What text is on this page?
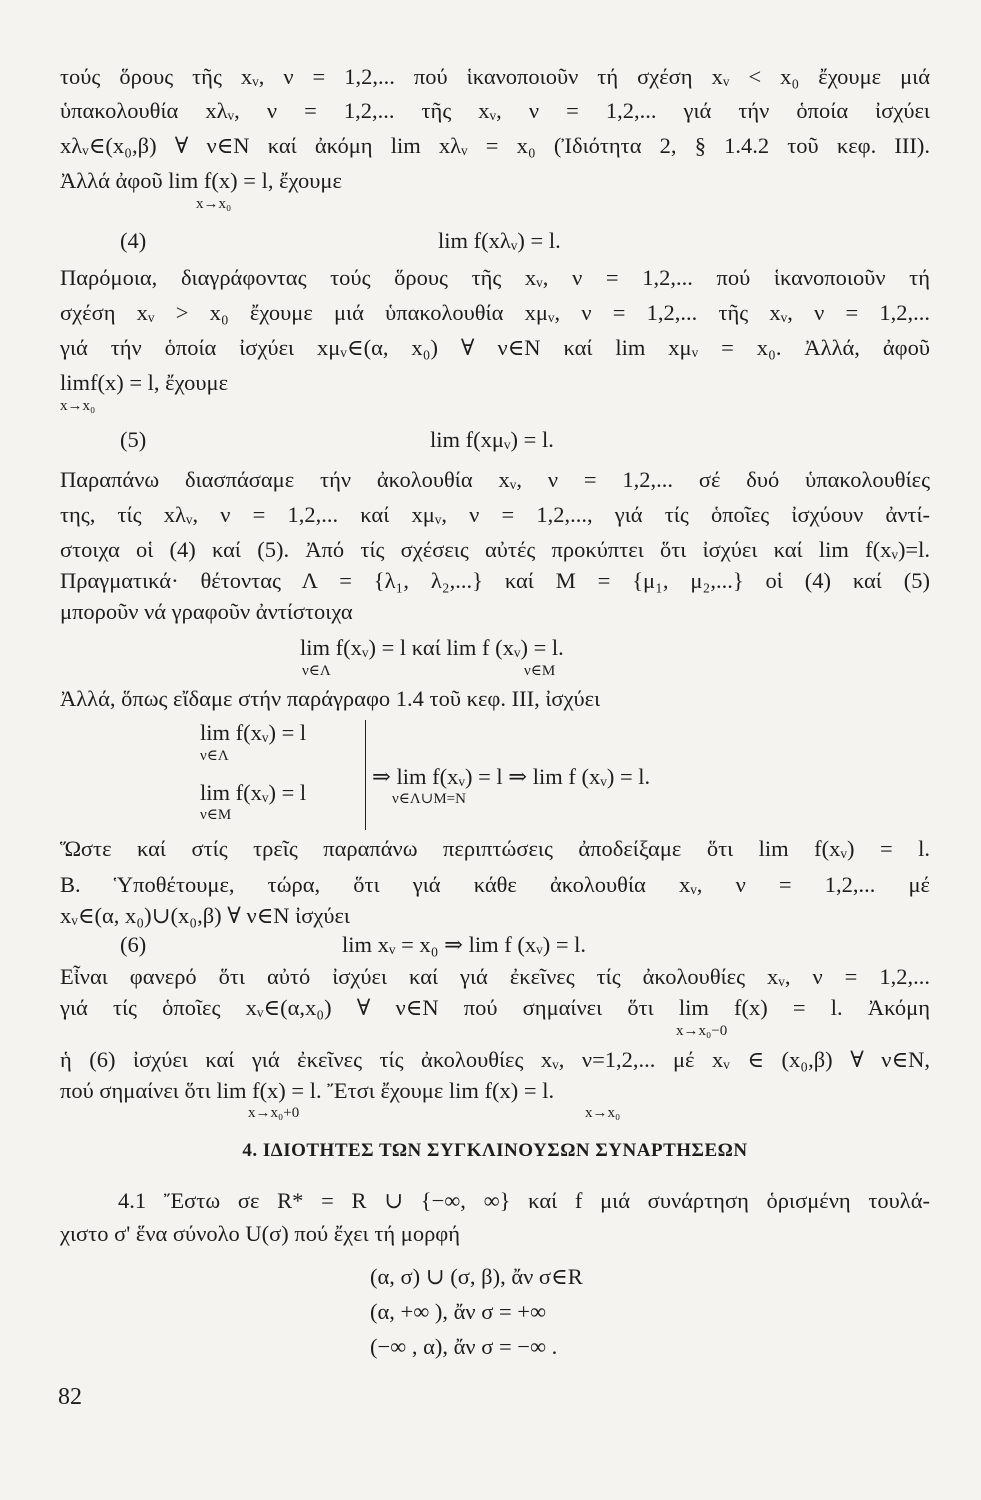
τούς ὅρους τῆς xᵥ, ν = 1,2,... πού ἱκανοποιοῦν τή σχέση xᵥ < x₀ ἔχουμε μιά
ὑπακολουθία xλᵥ, ν = 1,2,... τῆς xᵥ, ν = 1,2,... γιά τήν ὁποία ἰσχύει
xλᵥ∈(x₀,β) ∀ ν∈N καί ἀκόμη lim xλᵥ = x₀ (Ἰδιότητα 2, § 1.4.2 τοῦ κεφ. III).
Ἀλλά ἀφοῦ lim f(x) = l, ἔχουμε
x→x₀
(4)	lim f(xλᵥ) = l.
Παρόμοια, διαγράφοντας τούς ὅρους τῆς xᵥ, ν = 1,2,... πού ἱκανοποιοῦν τή
σχέση xᵥ > x₀ ἔχουμε μιά ὑπακολουθία xμᵥ, ν = 1,2,... τῆς xᵥ, ν = 1,2,...
γιά τήν ὁποία ἰσχύει xμᵥ∈(α, x₀) ∀ ν∈N καί lim xμᵥ = x₀. Ἀλλά, ἀφοῦ
limf(x) = l, ἔχουμε
x→x₀
(5)	lim f(xμᵥ) = l.
Παραπάνω διασπάσαμε τήν ἀκολουθία xᵥ, ν = 1,2,... σέ δυό ὑπακολουθίες
της, τίς xλᵥ, ν = 1,2,... καί xμᵥ, ν = 1,2,..., γιά τίς ὁποῖες ἰσχύουν ἀντί-
στοιχα οἱ (4) καί (5). Ἀπό τίς σχέσεις αὐτές προκύπτει ὅτι ἰσχύει καί lim f(xᵥ)=l.
Πραγματικά· θέτοντας Λ = {λ₁, λ₂,...} καί M = {μ₁, μ₂,...} οἱ (4) καί (5)
μποροῦν νά γραφοῦν ἀντίστοιχα
lim f(xᵥ) = l καί lim f (xᵥ) = l.
ν∈Λ	ν∈M
Ἀλλά, ὅπως εἴδαμε στήν παράγραφο 1.4 τοῦ κεφ. III, ἰσχύει
lim f(xᵥ) = l
ν∈Λ
lim f(xᵥ) = l
ν∈M
⇒ lim f(xᵥ) = l ⇒ lim f (xᵥ) = l.
ν∈Λ∪M=N
Ὥστε καί στίς τρεῖς παραπάνω περιπτώσεις ἀποδείξαμε ὅτι lim f(xᵥ) = l.
B. Ὑποθέτουμε, τώρα, ὅτι γιά κάθε ἀκολουθία xᵥ, ν = 1,2,... μέ
xᵥ∈(α, x₀)∪(x₀,β) ∀ ν∈N ἰσχύει
(6)	lim xᵥ = x₀ ⇒ lim f (xᵥ) = l.
Εἶναι φανερό ὅτι αὐτό ἰσχύει καί γιά ἐκεῖνες τίς ἀκολουθίες xᵥ, ν = 1,2,...
γιά τίς ὁποῖες xᵥ∈(α,x₀) ∀ ν∈N πού σημαίνει ὅτι lim f(x) = l. Ἀκόμη
x→x₀−0
ἡ (6) ἰσχύει καί γιά ἐκεῖνες τίς ἀκολουθίες xᵥ, ν=1,2,... μέ xᵥ ∈ (x₀,β) ∀ ν∈N,
πού σημαίνει ὅτι lim f(x) = l. Ἔτσι ἔχουμε lim f(x) = l.
x→x₀+0	x→x₀
4. ΙΔΙΟΤΗΤΕΣ ΤΩΝ ΣΥΓΚΛΙΝΟΥΣΩΝ ΣΥΝΑΡΤΗΣΕΩΝ
4.1 Ἔστω σε R* = R ∪ {−∞, ∞} καί f μιά συνάρτηση ὁρισμένη τουλά-
χιστο σ' ἕνα σύνολο U(σ) πού ἔχει τή μορφή
(α, σ) ∪ (σ, β), ἄν σ∈R
(α, +∞ ), ἄν σ = +∞
(−∞ , α), ἄν σ = −∞ .
82
